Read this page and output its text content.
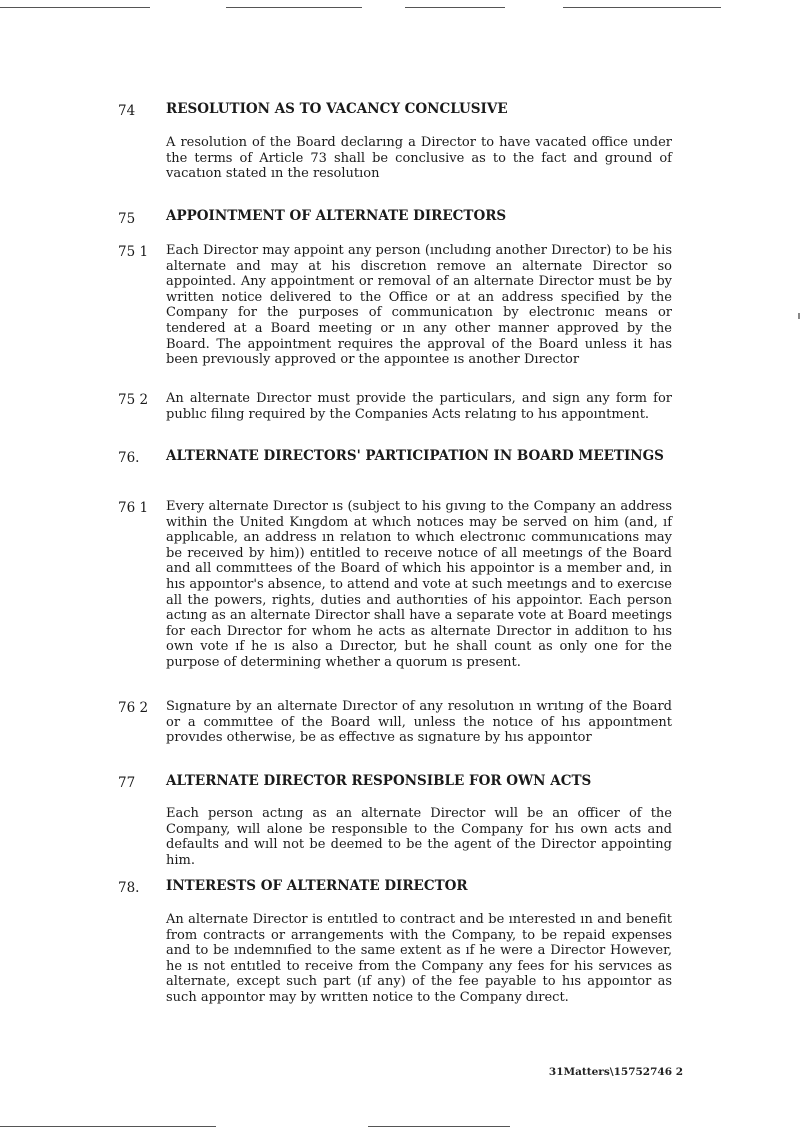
74 RESOLUTION AS TO VACANCY CONCLUSIVE
A resolution of the Board declarıng a Director to have vacated office under the terms of Article 73 shall be conclusive as to the fact and ground of vacatıon stated ın the resolutıon
75 APPOINTMENT OF ALTERNATE DIRECTORS
75 1 Each Director may appoint any person (ıncludıng another Dırector) to be his alternate and may at his discretıon remove an alternate Director so appointed. Any appointment or removal of an alternate Director must be by written notice delivered to the Office or at an address specified by the Company for the purposes of communicatıon by electronıc means or tendered at a Board meeting or ın any other manner approved by the Board. The appointment requires the approval of the Board unless it has been prevıously approved or the appoıntee ıs another Dırector
75 2 An alternate Dırector must provide the particulars, and sign any form for publıc filıng required by the Companies Acts relatıng to hıs appoıntment.
76. ALTERNATE DIRECTORS' PARTICIPATION IN BOARD MEETINGS
76 1 Every alternate Dırector ıs (subject to his gıvıng to the Company an address within the United Kıngdom at whıch notıces may be served on him (and, ıf applıcable, an address ın relatıon to whıch electronıc communıcations may be receıved by him)) entitled to receıve notıce of all meetıngs of the Board and all commıttees of the Board of which his appointor is a member and, in hıs appoıntor's absence, to attend and vote at such meetıngs and to exercıse all the powers, rights, duties and authorıties of his appointor. Each person actıng as an alternate Director shall have a separate vote at Board meetings for each Dırector for whom he acts as alternate Dırector in additıon to hıs own vote ıf he ıs also a Dırector, but he shall count as only one for the purpose of determining whether a quorum ıs present.
76 2 Sıgnature by an alternate Dırector of any resolutıon ın wrıtıng of the Board or a commıttee of the Board wıll, unless the notıce of hıs appoıntment provıdes otherwise, be as effectıve as sıgnature by hıs appoıntor
77 ALTERNATE DIRECTOR RESPONSIBLE FOR OWN ACTS
Each person actıng as an alternate Director wıll be an officer of the Company, wıll alone be responsıble to the Company for hıs own acts and defaults and wıll not be deemed to be the agent of the Director appointing him.
78. INTERESTS OF ALTERNATE DIRECTOR
An alternate Director is entıtled to contract and be ınterested ın and benefit from contracts or arrangements with the Company, to be repaid expenses and to be ındemnıfied to the same extent as ıf he were a Director However, he ıs not entıtled to receive from the Company any fees for his servıces as alternate, except such part (ıf any) of the fee payable to hıs appoıntor as such appoıntor may by wrıtten notice to the Company dırect.
31Matters\15752746 2
